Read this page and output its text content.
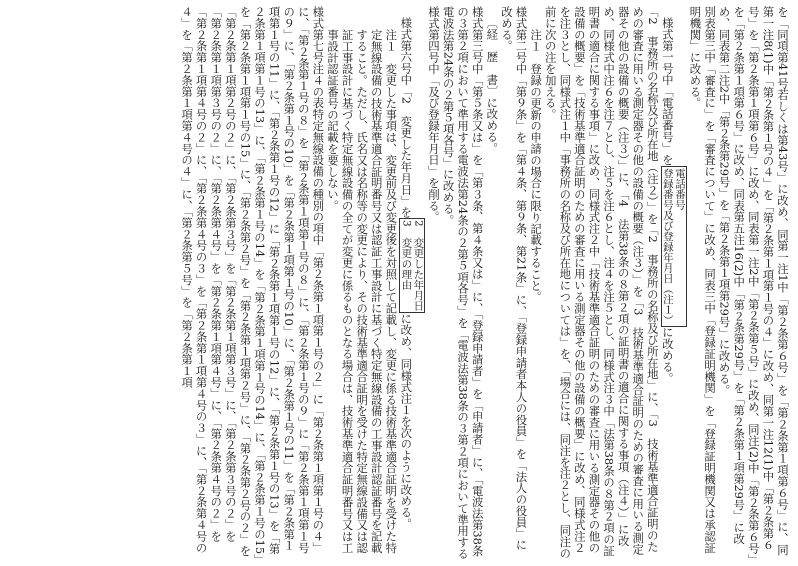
を「同項第41号若しくは第43号」に改め、同第一注1中「第２条第６号」を「第２条第１項第６号」に、同第一注8(1)中「第２条第１号の４」を「第２条第１項第１号の４」に改め、同第一注12(1)中「第２条第６号」を「第２条第１項第６号」に改め、同表第一注2中「第２条第５号」に改め、同注(2)中「第２条第６号」を「第２条第１項第６号」に改め、同表第五注16(2)中「第２条第29号」を「第２条第１項第29号」に改め、同表第二注2中「第２条第29号」を「第２条第１項第29号」に改める。

別表第三中「審査に」を「審査について」に改め、同表三中「登録証明機関」を「登録証明機関又は承認証明機関」に改める。

様式第一号中「電話番号」を
電話番号
登録番号及び登録年月日（注１）
に改める。

「2　事務所の名称及び所在地（注２）」を「2　事務所の名称及び所在地」に、「3　技術基準適合証明のための審査に用いる測定器その他の設備の概要（注３）」を「3　技術基準適合証明のための審査に用いる測定器その他の設備の概要（注３）」に、「4　法第38条の８第２項の証明書の適合に関する事項（注４）」に改め、同様式中注６を注７とし、注５を注６とし、注４を注５とし、同様式注３中「法第38条の８第２項の証明書の適合に関する事項」に改め、同様式注２中「技術基準適合証明のための審査に用いる測定器その他の設備の概要」を「技術基準適合証明のための審査に用いる測定器その他の設備の概要」に改め、同様式注２を注３とし、同様式注１中「事務所の名称及び所在地については」を、「場合には、同注を注２とし、同注の前に次の注を加える。

注１　登録の更新の申請の場合に限り記載すること。

様式第二号中「第９条」を「第４条、第９条、第21条」に、「登録申請者本人の役員」を「法人の役員」に改める。

〔経　歴　書〕に改める。

様式第三号中「第５条又は」を「第３条、第４条又は」に、「登録申請者」を「申請者」に、「電波法第38条の３第２項において準用する電波法第24条の２第５項各号」を「電波法第38条の３第２項において準用する電波法第24条の２第５項各号」に改める。

様式第四号中「及び登録年月日」を削る。

様式第六号中「2　変更した年月日」を
2　変更した年月日
3　変更の理由
に改め、同様式注１を次のように改める。

注１　変更した事項は、変更前及び変更後を対照して記載し、変更に係る技術基準適合証明を受けた特定無線設備の技術基準適合証明番号又は認証工事設計に基づく特定無線設備の工事設計認証番号を記載すること。ただし、氏名又は名称等の変更により、その技術基準適合証明を受けた特定無線設備又は認証工事設計に基づく特定無線設備の全てが変更に係るものとなる場合は、技術基準適合証明番号又は工事設計認証番号の記載を要しない。

様式第七号注４の表特定無線設備の種別の項中「第２条第１項第１号の２」に「第２条第１項第１号の４」に、「第２条第１号の８」を「第２条第１項第１号の８」に、「第２条第１号の９」に「第２条第１項第１号の９」に、「第２条第１号の10」を「第２条第１項第１号の10」に、「第２条第１号の11」を「第２条第１項第１号の11」に、「第２条第１号の12」に「第２条第１項第１号の12」に、「第２条第１号の13」を「第２条第１項第１号の13」に、「第２条第１号の14」を「第２条第１項第１号の14」に、「第２条第１号の15」を「第２条第１項第１号の15」に、「第２条第２号」を「第２条第１項第２号」に、「第２条第２号の２」を「第２条第１項第２号の２」に、「第２条第３号」を「第２条第１項第３号」に、「第２条第３号の２」を「第２条第１項第３号の２」に、「第２条第４号」を「第２条第１項第４号」に、「第２条第４号の２」を「第２条第１項第４号の２」に、「第２条第４号の３」を「第２条第１項第４号の３」に、「第２条第４号の４」を「第２条第１項第４号の４」に、「第２条第５号」を「第２条第１項
